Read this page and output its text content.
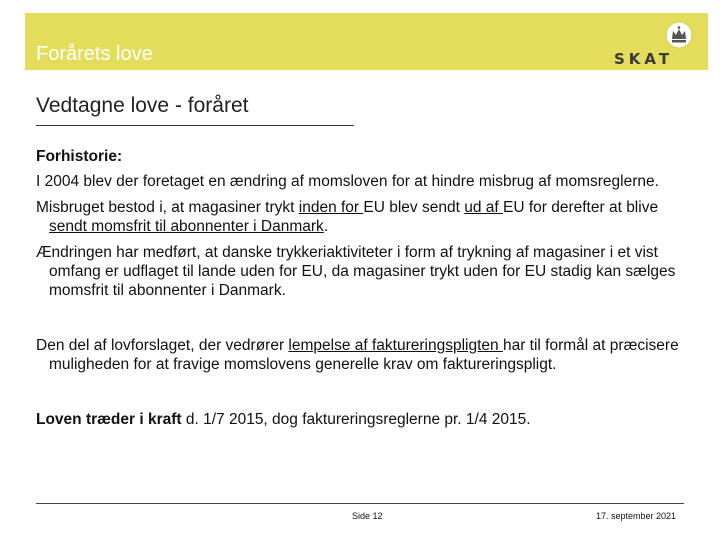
Forårets love	SKAT
Vedtagne love - foråret

Forhistorie:

I 2004 blev der foretaget en ændring af momsloven for at hindre misbrug af momsreglerne.

Misbruget bestod i, at magasiner trykt inden for EU blev sendt ud af EU for derefter at blive sendt momsfrit til abonnenter i Danmark.

Ændringen har medført, at danske trykkeriaktiviteter i form af trykning af magasiner i et vist omfang er udflaget til lande uden for EU, da magasiner trykt uden for EU stadig kan sælges momsfrit til abonnenter i Danmark.

Den del af lovforslaget, der vedrører lempelse af faktureringspligten har til formål at præcisere muligheden for at fravige momslovens generelle krav om faktureringspligt.

Loven træder i kraft d. 1/7 2015, dog faktureringsreglerne pr. 1/4 2015.

Side 12	17. september 2021
